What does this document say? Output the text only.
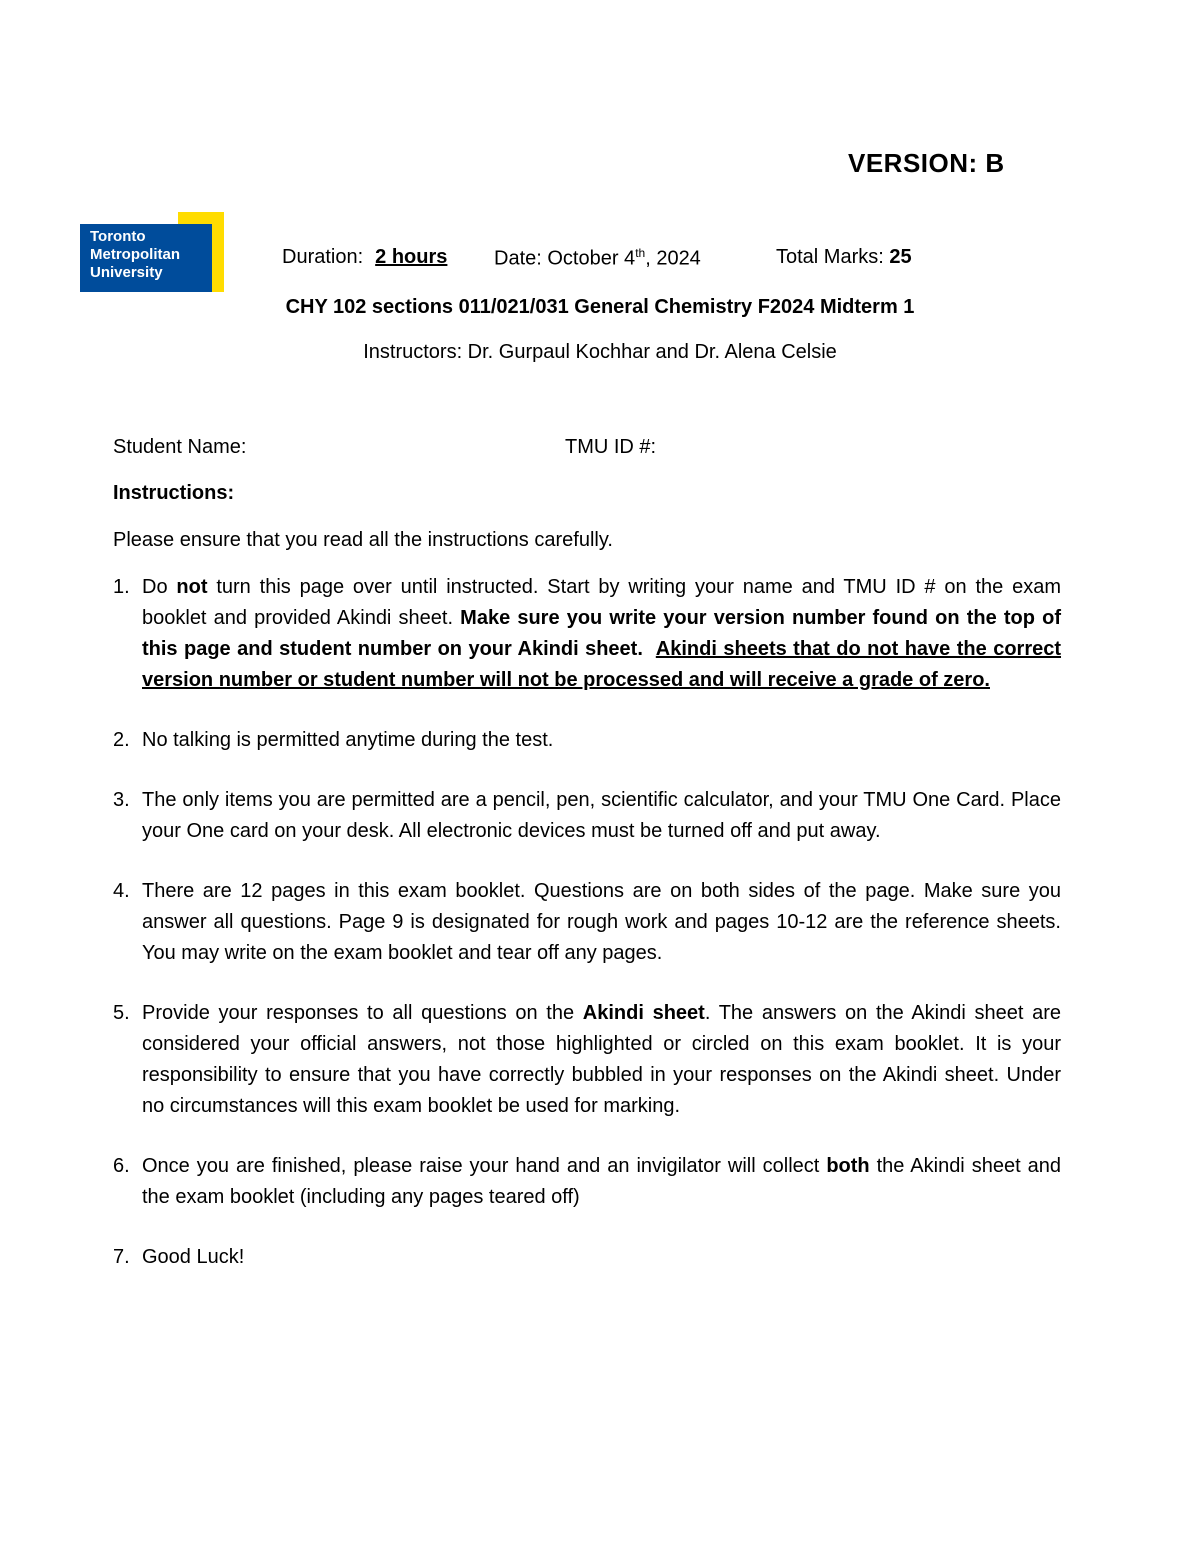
VERSION: B
Toronto
Metropolitan
University
Duration: 2 hours Date: October 4th, 2024	Total Marks: 25
CHY 102 sections 011/021/031 General Chemistry F2024 Midterm 1
Instructors: Dr. Gurpaul Kochhar and Dr. Alena Celsie
Student Name:	TMU ID #:
Instructions:
Please ensure that you read all the instructions carefully.
1. Do not turn this page over until instructed. Start by writing your name and TMU ID # on the exam booklet and provided Akindi sheet. Make sure you write your version number found on the top of this page and student number on your Akindi sheet. Akindi sheets that do not have the correct version number or student number will not be processed and will receive a grade of zero.
2. No talking is permitted anytime during the test.
3. The only items you are permitted are a pencil, pen, scientific calculator, and your TMU One Card. Place your One card on your desk. All electronic devices must be turned off and put away.
4. There are 12 pages in this exam booklet. Questions are on both sides of the page. Make sure you answer all questions. Page 9 is designated for rough work and pages 10-12 are the reference sheets. You may write on the exam booklet and tear off any pages.
5. Provide your responses to all questions on the Akindi sheet. The answers on the Akindi sheet are considered your official answers, not those highlighted or circled on this exam booklet. It is your responsibility to ensure that you have correctly bubbled in your responses on the Akindi sheet. Under no circumstances will this exam booklet be used for marking.
6. Once you are finished, please raise your hand and an invigilator will collect both the Akindi sheet and the exam booklet (including any pages teared off)
7. Good Luck!
